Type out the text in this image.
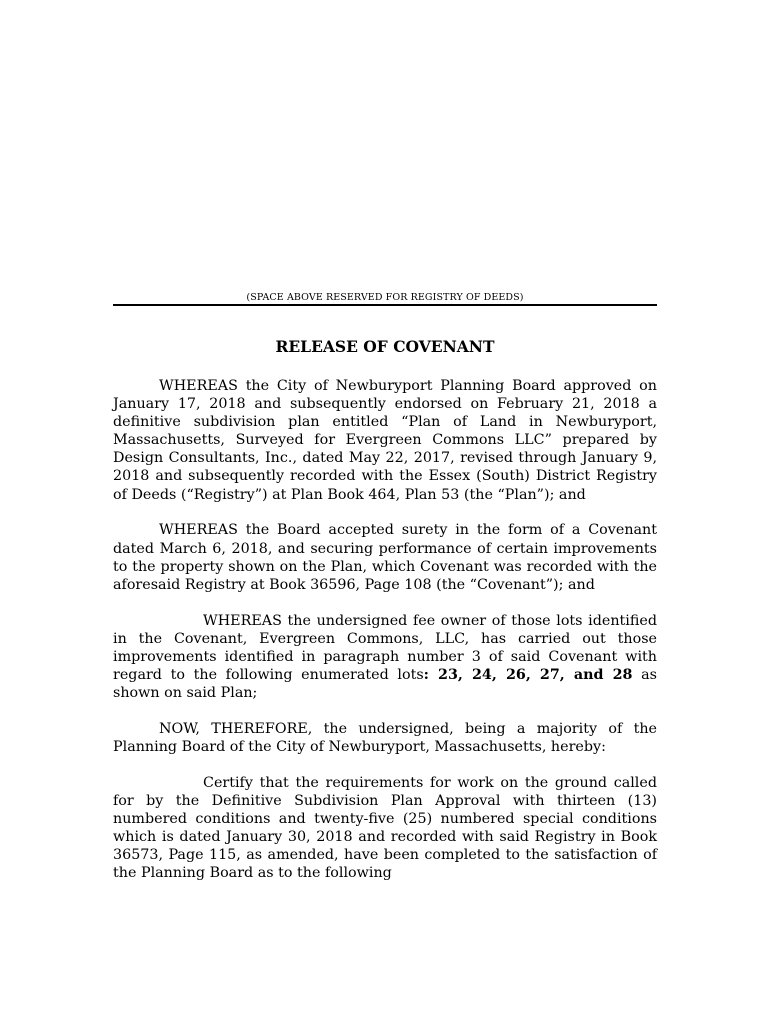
(SPACE ABOVE RESERVED FOR REGISTRY OF DEEDS)
RELEASE OF COVENANT

WHEREAS the City of Newburyport Planning Board approved on January 17, 2018 and subsequently endorsed on February 21, 2018 a definitive subdivision plan entitled “Plan of Land in Newburyport, Massachusetts, Surveyed for Evergreen Commons LLC” prepared by Design Consultants, Inc., dated May 22, 2017, revised through January 9, 2018 and subsequently recorded with the Essex (South) District Registry of Deeds (“Registry”) at Plan Book 464, Plan 53 (the “Plan”); and

WHEREAS the Board accepted surety in the form of a Covenant dated March 6, 2018, and securing performance of certain improvements to the property shown on the Plan, which Covenant was recorded with the aforesaid Registry at Book 36596, Page 108 (the “Covenant”); and

WHEREAS the undersigned fee owner of those lots identified in the Covenant, Evergreen Commons, LLC, has carried out those improvements identified in paragraph number 3 of said Covenant with regard to the following enumerated lots: 23, 24, 26, 27, and 28 as shown on said Plan;

NOW, THEREFORE, the undersigned, being a majority of the Planning Board of the City of Newburyport, Massachusetts, hereby:

Certify that the requirements for work on the ground called for by the Definitive Subdivision Plan Approval with thirteen (13) numbered conditions and twenty-five (25) numbered special conditions which is dated January 30, 2018 and recorded with said Registry in Book 36573, Page 115, as amended, have been completed to the satisfaction of the Planning Board as to the following
